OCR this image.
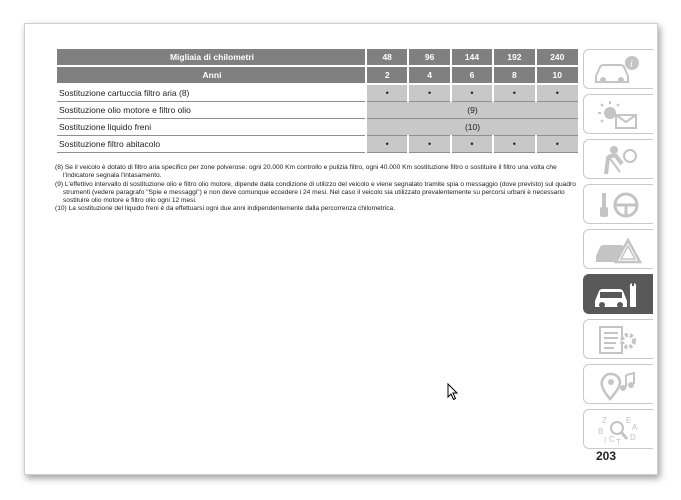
Migliaia di chilometri	48	96	144	192	240
Anni	2	4	6	8	10
Sostituzione cartuccia filtro aria (8)	•	•	•	•	•
Sostituzione olio motore e filtro olio	(9)				
Sostituzione liquido freni	(10)				
Sostituzione filtro abitacolo	•	•	•	•	•

(8) Se il veicolo è dotato di filtro aria specifico per zone polverose: ogni 20.000 Km controllo e pulizia filtro, ogni 40.000 Km sostituzione filtro o sostituire il filtro una volta che l'indicatore segnala l'intasamento.

(9) L'effettivo intervallo di sostituzione olio e filtro olio motore, dipende dalla condizione di utilizzo del veicolo e viene segnalato tramite spia o messaggio (dove previsto) sul quadro strumenti (vedere paragrafo "Spie e messaggi") e non deve comunque eccedere i 24 mesi. Nel caso il veicolo sia utilizzato prevalentemente su percorsi urbani è necessario sostituire olio motore e filtro olio ogni 12 mesi.

(10) La sostituzione del liquido freni è da effettuarsi ogni due anni indipendentemente dalla percorrenza chilometrica.

i
Z
B
I C T
E
A
D
203
